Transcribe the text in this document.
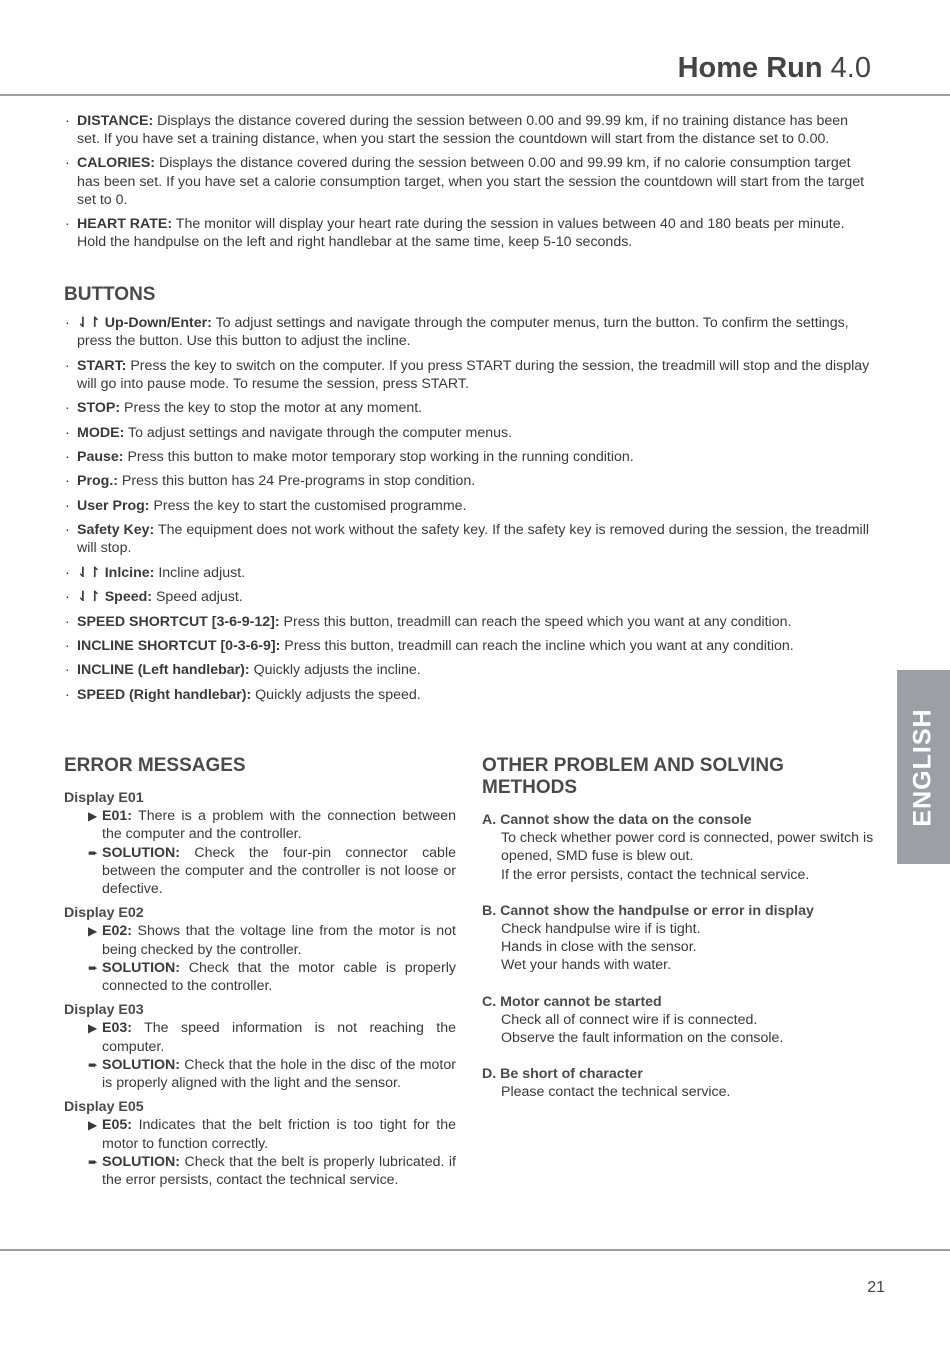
Home Run 4.0
· DISTANCE: Displays the distance covered during the session between 0.00 and 99.99 km, if no training distance has been set. If you have set a training distance, when you start the session the countdown will start from the distance set to 0.00.
· CALORIES: Displays the distance covered during the session between 0.00 and 99.99 km, if no calorie consumption target has been set. If you have set a calorie consumption target, when you start the session the countdown will start from the target set to 0.
· HEART RATE: The monitor will display your heart rate during the session in values between 40 and 180 beats per minute. Hold the handpulse on the left and right handlebar at the same time, keep 5-10 seconds.
BUTTONS
· ⇃↾ Up-Down/Enter: To adjust settings and navigate through the computer menus, turn the button. To confirm the settings, press the button. Use this button to adjust the incline.
· START: Press the key to switch on the computer. If you press START during the session, the treadmill will stop and the display will go into pause mode. To resume the session, press START.
· STOP: Press the key to stop the motor at any moment.
· MODE: To adjust settings and navigate through the computer menus.
· Pause: Press this button to make motor temporary stop working in the running condition.
· Prog.: Press this button has 24 Pre-programs in stop condition.
· User Prog: Press the key to start the customised programme.
· Safety Key: The equipment does not work without the safety key. If the safety key is removed during the session, the treadmill will stop.
· ⇃↾ Inlcine: Incline adjust.
· ⇃↾ Speed: Speed adjust.
· SPEED SHORTCUT [3-6-9-12]: Press this button, treadmill can reach the speed which you want at any condition.
· INCLINE SHORTCUT [0-3-6-9]: Press this button, treadmill can reach the incline which you want at any condition.
· INCLINE (Left handlebar): Quickly adjusts the incline.
· SPEED (Right handlebar): Quickly adjusts the speed.
ERROR MESSAGES
Display E01
▶ E01: There is a problem with the connection between the computer and the controller.
➨ SOLUTION: Check the four-pin connector cable between the computer and the controller is not loose or defective.
Display E02
▶ E02: Shows that the voltage line from the motor is not being checked by the controller.
➨ SOLUTION: Check that the motor cable is properly connected to the controller.
Display E03
▶ E03: The speed information is not reaching the computer.
➨ SOLUTION: Check that the hole in the disc of the motor is properly aligned with the light and the sensor.
Display E05
▶ E05: Indicates that the belt friction is too tight for the motor to function correctly.
➨ SOLUTION: Check that the belt is properly lubricated. if the error persists, contact the technical service.
OTHER PROBLEM AND SOLVING METHODS
A. Cannot show the data on the console
To check whether power cord is connected, power switch is opened, SMD fuse is blew out.
If the error persists, contact the technical service.
B. Cannot show the handpulse or error in display
Check handpulse wire if is tight.
Hands in close with the sensor.
Wet your hands with water.
C. Motor cannot be started
Check all of connect wire if is connected.
Observe the fault information on the console.
D. Be short of character
Please contact the technical service.
ENGLISH
21
